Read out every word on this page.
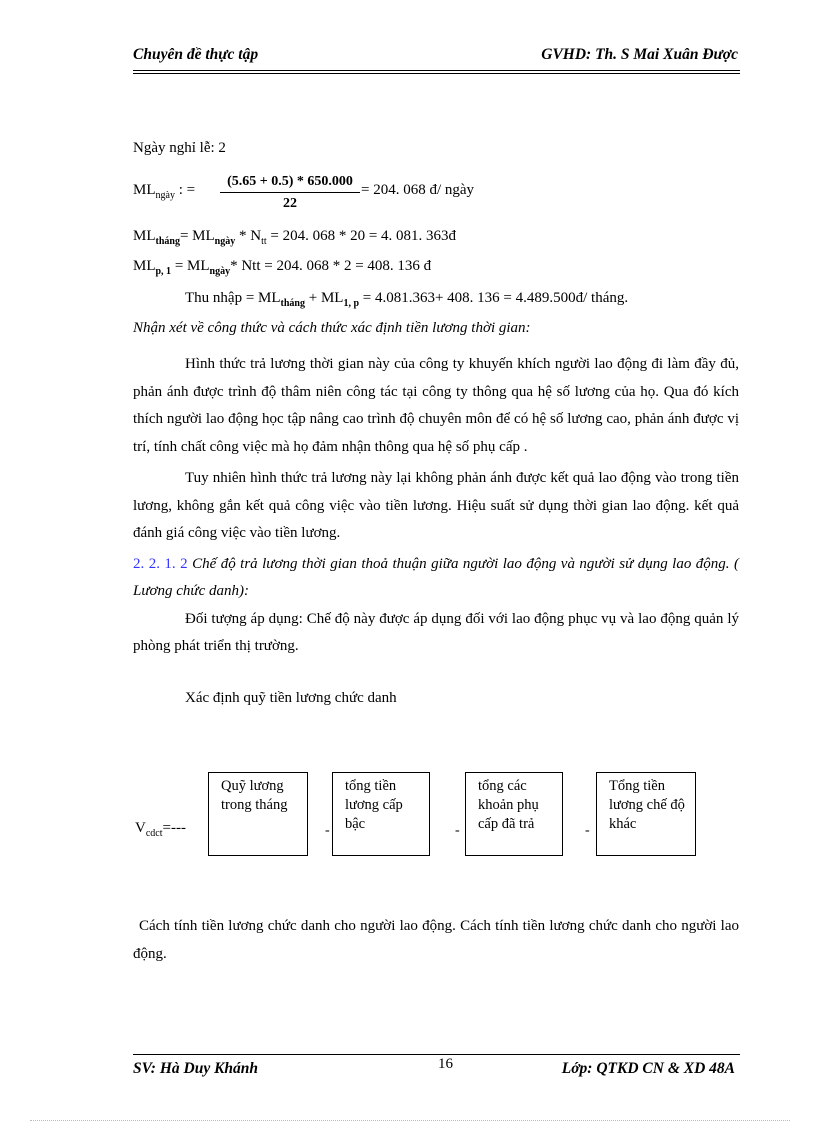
Chuyên đề thực tập	GVHD: Th. S Mai Xuân Được
Ngày nghỉ lễ: 2
$ML_{ngày}$ : = $\frac{(5.65 + 0.5) * 650.000}{22} = 204$. 068 đ/ ngày
$ML_{tháng}= ML_{ngày} * N_{tt} = 204$. 068 * 20 = 4. 081. 363đ
$ML_{p, 1} = ML_{ngày}*$ Ntt = 204. 068 * 2 = 408. 136 đ
Thu nhập = $ML_{tháng} + ML_{1, p} = 4.081.363+ 408$. 136 = 4.489.500đ/ tháng.
Nhận xét về công thức và cách thức xác định tiền lương thời gian:

Hình thức trả lương thời gian này của công ty khuyến khích người lao động đi làm đầy đủ, phản ánh được trình độ thâm niên công tác tại công ty thông qua hệ số lương của họ. Qua đó kích thích người lao động học tập nâng cao trình độ chuyên môn để có hệ số lương cao, phản ánh được vị trí, tính chất công việc mà họ đảm nhận thông qua hệ số phụ cấp .

Tuy nhiên hình thức trả lương này lại không phản ánh được kết quả lao động vào trong tiền lương, không gắn kết quả công việc vào tiền lương. Hiệu suất sử dụng thời gian lao động. kết quả đánh giá công việc vào tiền lương.

2. 2. 1. 2 Chế độ trả lương thời gian thoả thuận giữa người lao động và người sử dụng lao động. ( Lương chức danh):

Đối tượng áp dụng: Chế độ này được áp dụng đối với lao động phục vụ và lao động quản lý phòng phát triển thị trường.

Xác định quỹ tiền lương chức danh
$V_{cdct}=---$
Quỹ lương trong tháng
-
tổng tiền lương cấp bậc	-
tổng các khoản phụ cấp đã trả	-
Tổng tiền lương chế độ khác
Cách tính tiền lương chức danh cho người lao động. Cách tính tiền lương chức danh cho người lao động.
SV: Hà Duy Khánh	16	Lớp: QTKD CN & XD 48A
